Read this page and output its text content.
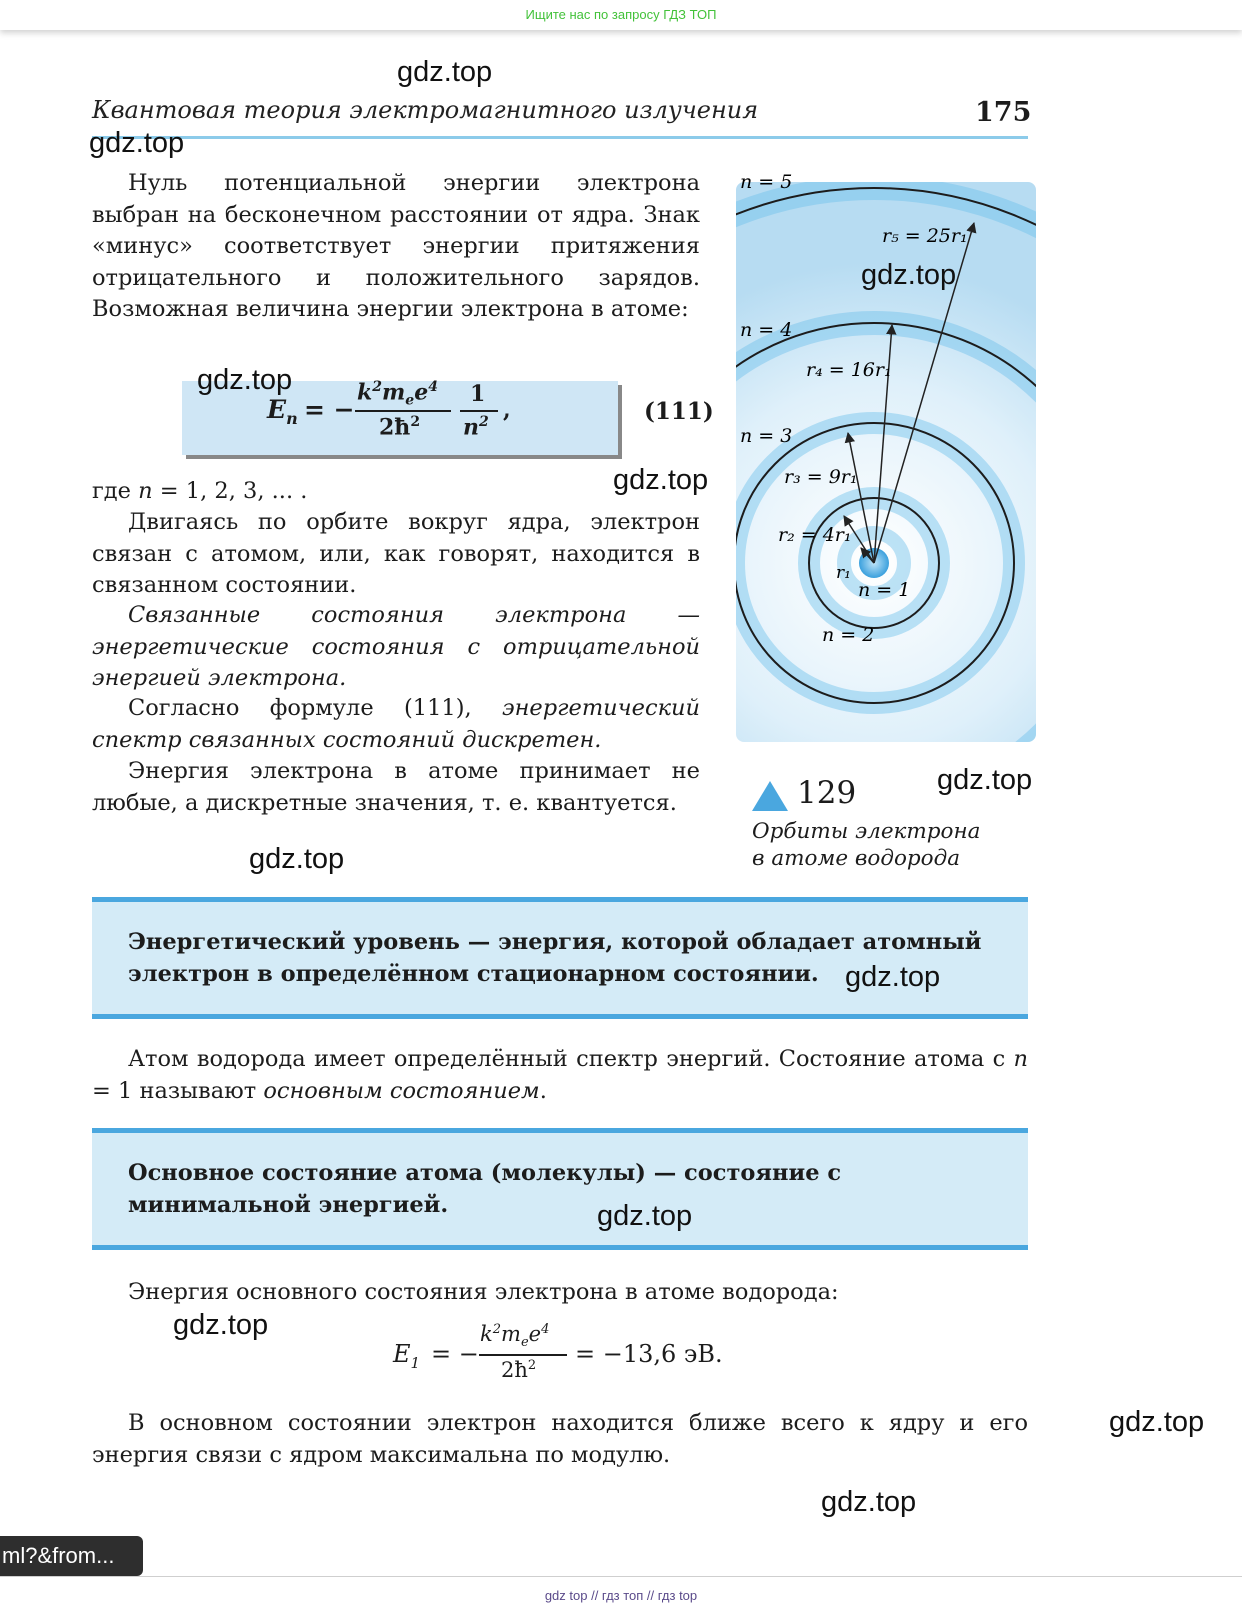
Ищите нас по запросу ГДЗ ТОП
Квантовая теория электромагнитного излучения	175
Нуль потенциальной энергии электрона выбран на бесконечном расстоянии от ядра. Знак «минус» соответствует энергии притяжения отрицательного и положительного зарядов. Возможная величина энергии электрона в атоме:
$E_n$ = −
$k^2m_ee^4$
$2ħ^2$
1
$n^2$ ,	(111)
где n = 1, 2, 3, ... .
Двигаясь по орбите вокруг ядра, электрон связан с атомом, или, как говорят, находится в связанном состоянии.
Связанные состояния электрона — энергетические состояния с отрицательной энергией электрона.
Согласно формуле (111), энергетический спектр связанных состояний дискретен.
Энергия электрона в атоме принимает не любые, а дискретные значения, т. е. квантуется.
n = 5
n = 4
n = 3
n = 2
n = 1
r₅ = 25r₁
r₄ = 16r₁
r₃ = 9r₁
r₂ = 4r₁
r₁
129
Орбиты электрона
в атоме водорода
Энергетический уровень — энергия, которой обладает атомный электрон в определённом стационарном состоянии.
Атом водорода имеет определённый спектр энергий. Состояние атома с n = 1 называют основным состоянием.
Основное состояние атома (молекулы) — состояние с минимальной энергией.
Энергия основного состояния электрона в атоме водорода:
$E_1$ = −
$k^2m_ee^4$
$2ħ^2 = -13,6$ эВ.
В основном состоянии электрон находится ближе всего к ядру и его энергия связи с ядром максимальна по модулю.
gdz.top
gdz.top
gdz.top
gdz.top
gdz.top
gdz.top
gdz.top
gdz.top
gdz.top
gdz.top
gdz.top
gdz.top
ml?&from...
gdz top // гдз топ // гдз top
